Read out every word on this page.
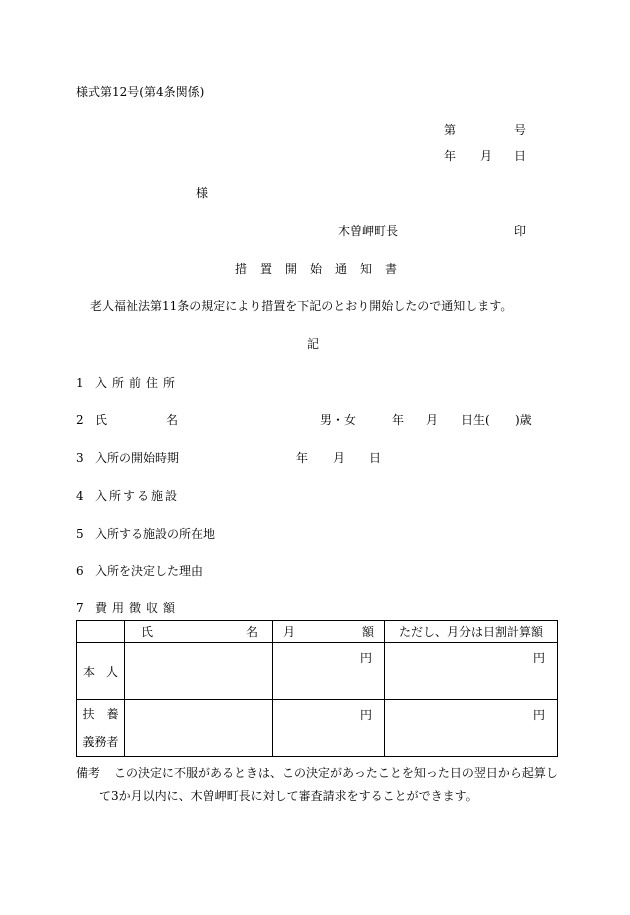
様式第12号(第4条関係)
第	号
年 月 日
様
木曽岬町長	印
措置開始通知書
老人福祉法第11条の規定により措置を下記のとおり開始したので通知します。
記
1 入所前住所
2 氏	名	男・女	年 月 日生( )歳
3 入所の開始時期	年 月 日
4 入所する施設
5 入所する施設の所在地
6 入所を決定した理由
7 費用徴収額

	氏 名	月 額	ただし、月分は日割計算額

本 人		円	円

扶　養
義務者		円	円
備考 この決定に不服があるときは、この決定があったことを知った日の翌日から起算し
て3か月以内に、木曽岬町長に対して審査請求をすることができます。
